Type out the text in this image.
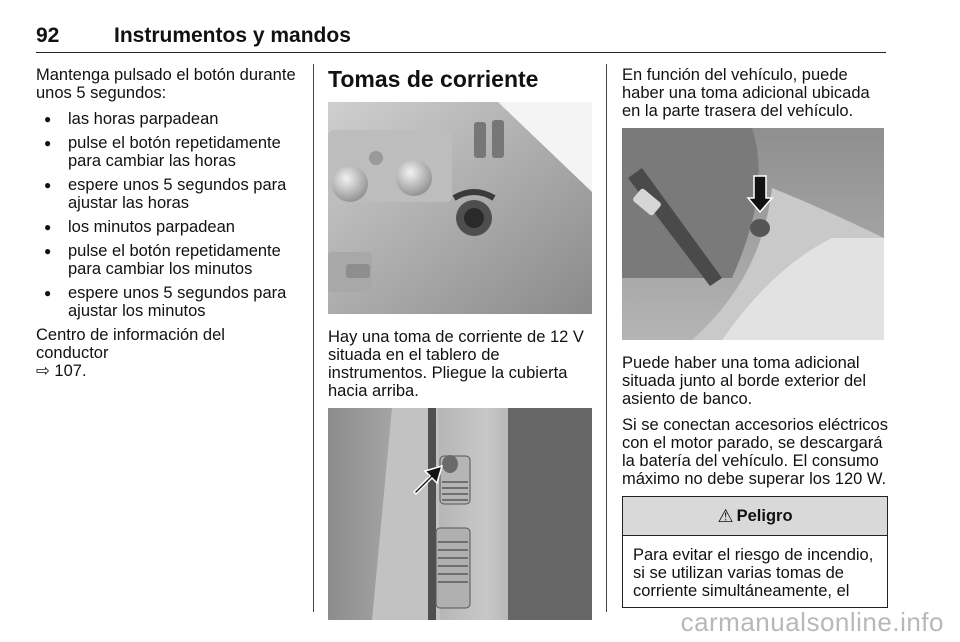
92	Instrumentos y mandos

Mantenga pulsado el botón durante unos 5 segundos:

● las horas parpadean
● pulse el botón repetidamente para cambiar las horas
● espere unos 5 segundos para ajustar las horas
● los minutos parpadean
● pulse el botón repetidamente para cambiar los minutos
● espere unos 5 segundos para ajustar los minutos

Centro de información del conductor
⇨ 107.

Tomas de corriente

Hay una toma de corriente de 12 V situada en el tablero de instrumentos. Pliegue la cubierta hacia arriba.

En función del vehículo, puede haber una toma adicional ubicada en la parte trasera del vehículo.

Puede haber una toma adicional situada junto al borde exterior del asiento de banco.

Si se conectan accesorios eléctricos con el motor parado, se descargará la batería del vehículo. El consumo máximo no debe superar los 120 W.

⚠ Peligro
Para evitar el riesgo de incendio, si se utilizan varias tomas de corriente simultáneamente, el
carmanualsonline.info
